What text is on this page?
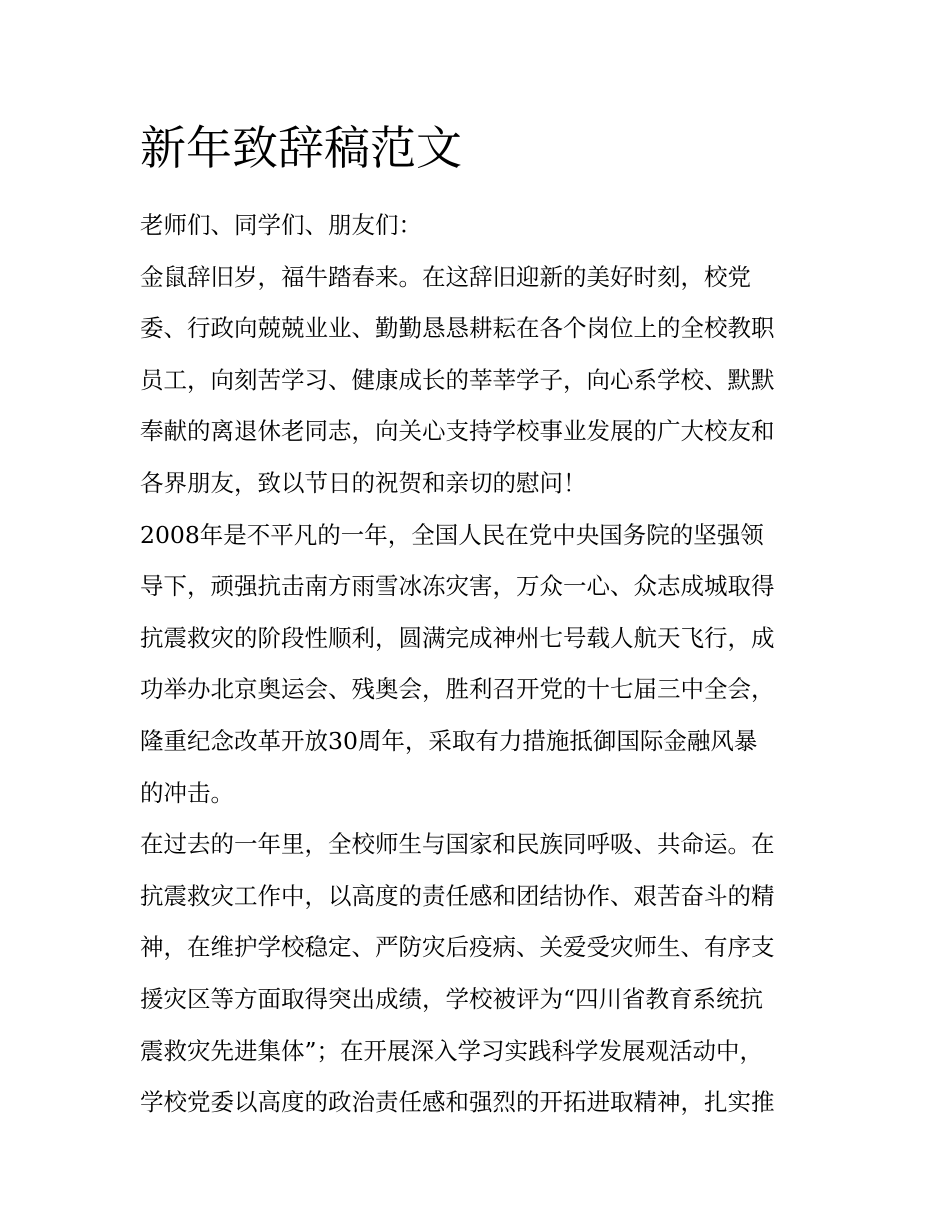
新年致辞稿范文
老师们、同学们、朋友们：
金鼠辞旧岁，福牛踏春来。在这辞旧迎新的美好时刻，校党
委、行政向兢兢业业、勤勤恳恳耕耘在各个岗位上的全校教职
员工，向刻苦学习、健康成长的莘莘学子，向心系学校、默默
奉献的离退休老同志，向关心支持学校事业发展的广大校友和
各界朋友，致以节日的祝贺和亲切的慰问！
2008年是不平凡的一年，全国人民在党中央国务院的坚强领
导下，顽强抗击南方雨雪冰冻灾害，万众一心、众志成城取得
抗震救灾的阶段性顺利，圆满完成神州七号载人航天飞行，成
功举办北京奥运会、残奥会，胜利召开党的十七届三中全会，
隆重纪念改革开放30周年，采取有力措施抵御国际金融风暴
的冲击。
在过去的一年里，全校师生与国家和民族同呼吸、共命运。在
抗震救灾工作中，以高度的责任感和团结协作、艰苦奋斗的精
神，在维护学校稳定、严防灾后疫病、关爱受灾师生、有序支
援灾区等方面取得突出成绩，学校被评为“四川省教育系统抗
震救灾先进集体”；在开展深入学习实践科学发展观活动中，
学校党委以高度的政治责任感和强烈的开拓进取精神，扎实推
